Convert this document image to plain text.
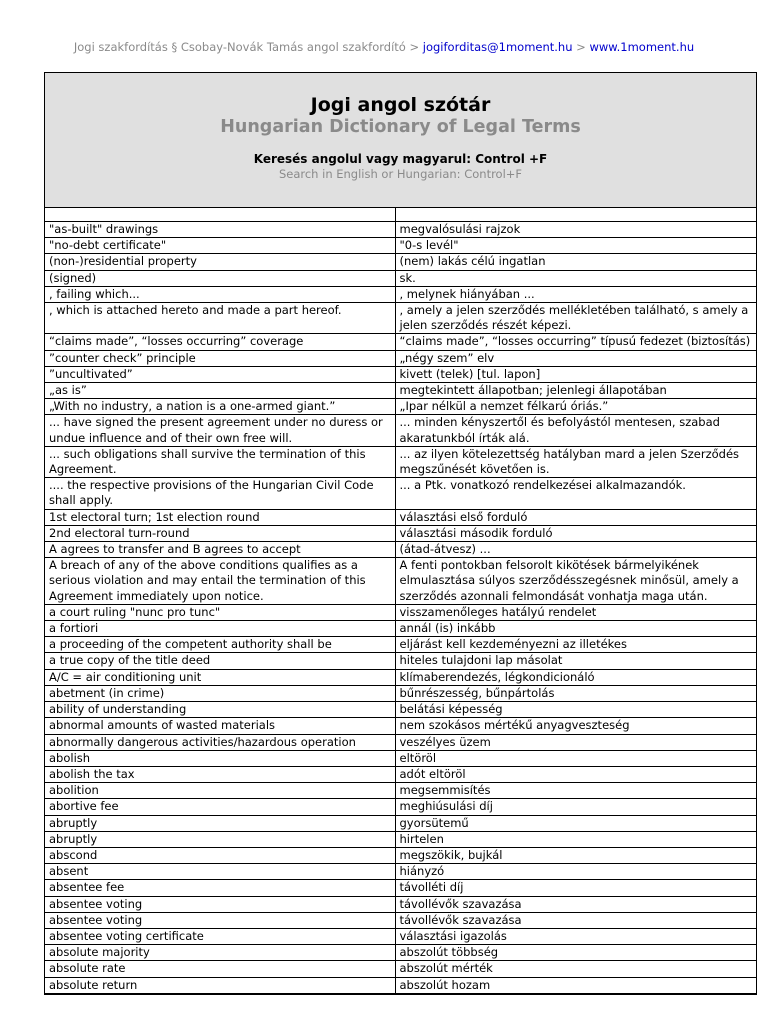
Jogi szakfordítás § Csobay-Novák Tamás angol szakfordító > jogiforditas@1moment.hu > www.1moment.hu
Jogi angol szótár
Hungarian Dictionary of Legal Terms
Keresés angolul vagy magyarul: Control +F
Search in English or Hungarian: Control+F

"as-built" drawings	megvalósulási rajzok
"no-debt certificate"	"0-s levél"
(non-)residential property	(nem) lakás célú ingatlan
(signed)	sk.
, failing which...	, melynek hiányában ...
, which is attached hereto and made a part hereof.	, amely a jelen szerződés mellékletében található, s amely a jelen szerződés részét képezi.
“claims made”, “losses occurring” coverage	“claims made”, “losses occurring” típusú fedezet (biztosítás)
”counter check” principle	„négy szem” elv
”uncultivated”	kivett (telek) [tul. lapon]
„as is”	megtekintett állapotban; jelenlegi állapotában
„With no industry, a nation is a one-armed giant.”	„Ipar nélkül a nemzet félkarú óriás.”
... have signed the present agreement under no duress or undue influence and of their own free will.	... minden kényszertől és befolyástól mentesen, szabad akaratunkból írták alá.
... such obligations shall survive the termination of this Agreement.	... az ilyen kötelezettség hatályban mard a jelen Szerződés megszűnését követően is.
.... the respective provisions of the Hungarian Civil Code shall apply.	... a Ptk. vonatkozó rendelkezései alkalmazandók.
1st electoral turn; 1st election round	választási első forduló
2nd electoral turn-round	választási második forduló
A agrees to transfer and B agrees to accept	(átad-átvesz) ...
A breach of any of the above conditions qualifies as a serious violation and may entail the termination of this Agreement immediately upon notice.	A fenti pontokban felsorolt kikötések bármelyikének elmulasztása súlyos szerződésszegésnek minősül, amely a szerződés azonnali felmondását vonhatja maga után.
a court ruling "nunc pro tunc"	visszamenőleges hatályú rendelet
a fortiori	annál (is) inkább
a proceeding of the competent authority shall be	eljárást kell kezdeményezni az illetékes
a true copy of the title deed	hiteles tulajdoni lap másolat
A/C = air conditioning unit	klímaberendezés, légkondicionáló
abetment (in crime)	bűnrészesség, bűnpártolás
ability of understanding	belátási képesség
abnormal amounts of wasted materials	nem szokásos mértékű anyagveszteség
abnormally dangerous activities/hazardous operation	veszélyes üzem
abolish	eltöröl
abolish the tax	adót eltöröl
abolition	megsemmisítés
abortive fee	meghiúsulási díj
abruptly	gyorsütemű
abruptly	hirtelen
abscond	megszökik, bujkál
absent	hiányzó
absentee fee	távolléti díj
absentee voting	távollévők szavazása
absentee voting	távollévők szavazása
absentee voting certificate	választási igazolás
absolute majority	abszolút többség
absolute rate	abszolút mérték
absolute return	abszolút hozam
